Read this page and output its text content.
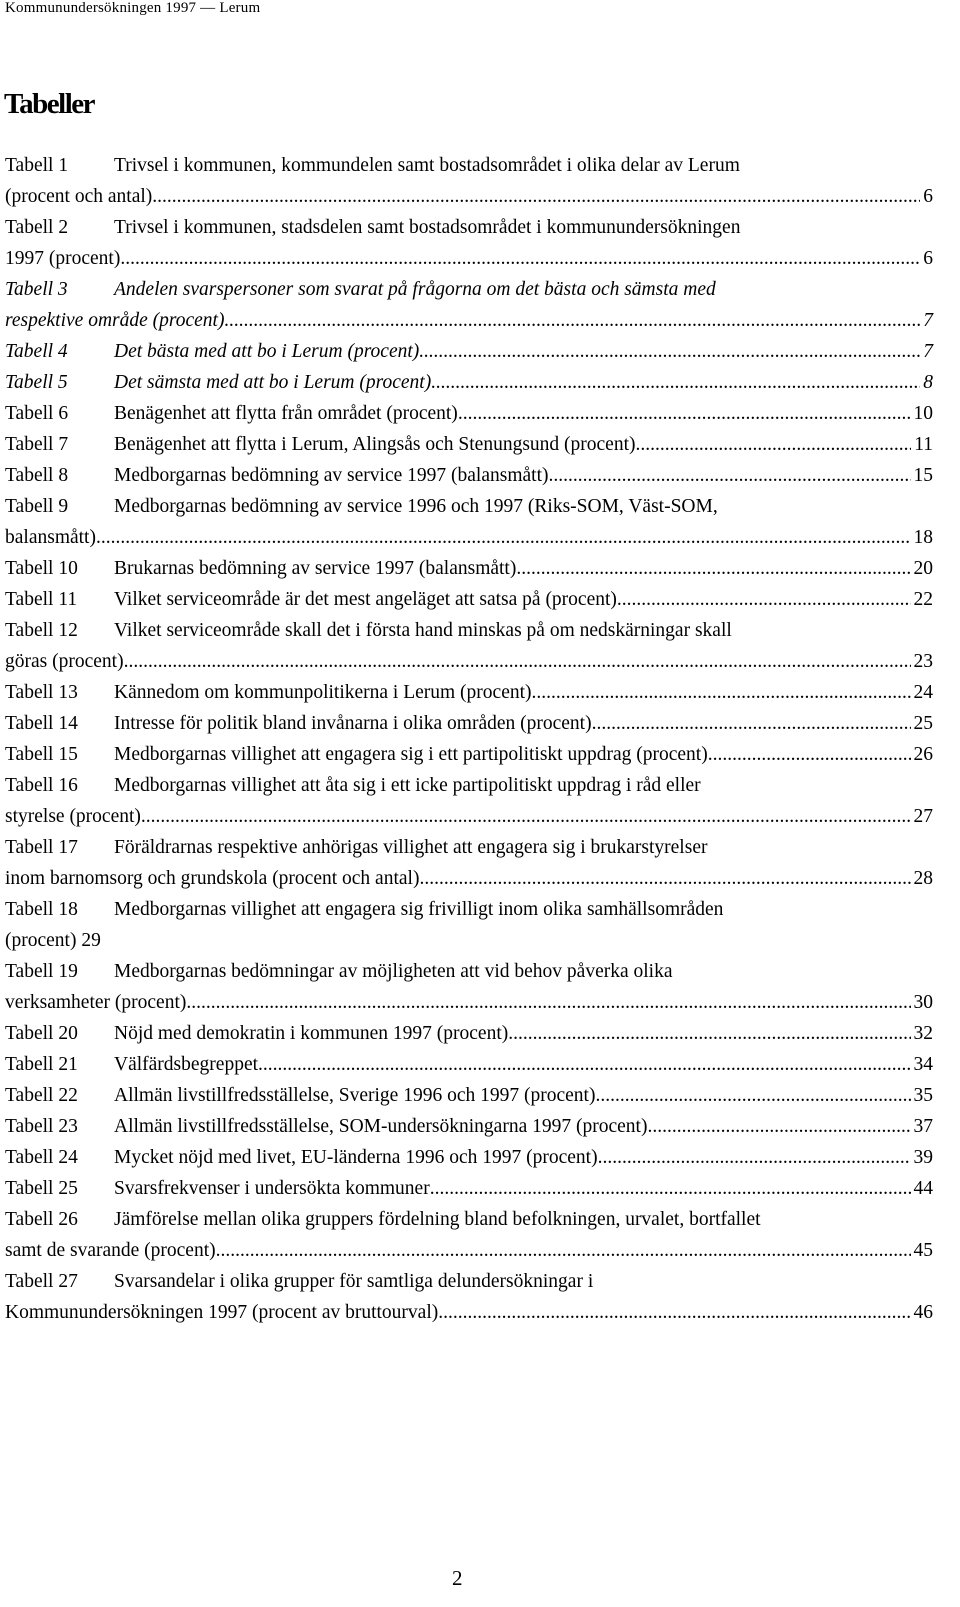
Kommunundersökningen 1997 — Lerum
Tabeller
Tabell 1 Trivsel i kommunen, kommundelen samt bostadsområdet i olika delar av Lerum
(procent och antal). .....	6
Tabell 2 Trivsel i kommunen, stadsdelen samt bostadsområdet i kommunundersökningen
1997 (procent). .....	6
Tabell 3 Andelen svarspersoner som svarat på frågorna om det bästa och sämsta med
respektive område (procent). .....	7
Tabell 4 Det bästa med att bo i Lerum (procent). .....	7
Tabell 5 Det sämsta med att bo i Lerum (procent) .....	8
Tabell 6 Benägenhet att flytta från området (procent) .....	10
Tabell 7 Benägenhet att flytta i Lerum, Alingsås och Stenungsund (procent) .....	11
Tabell 8 Medborgarnas bedömning av service 1997 (balansmått) .....	15
Tabell 9 Medborgarnas bedömning av service 1996 och 1997 (Riks-SOM, Väst-SOM,
balansmått) .....	18
Tabell 10 Brukarnas bedömning av service 1997 (balansmått) .....	20
Tabell 11 Vilket serviceområde är det mest angeläget att satsa på (procent) .....	22
Tabell 12 Vilket serviceområde skall det i första hand minskas på om nedskärningar skall
göras (procent) .....	23
Tabell 13 Kännedom om kommunpolitikerna i Lerum (procent) .....	24
Tabell 14 Intresse för politik bland invånarna i olika områden (procent) .....	25
Tabell 15 Medborgarnas villighet att engagera sig i ett partipolitiskt uppdrag (procent) .....	26
Tabell 16 Medborgarnas villighet att åta sig i ett icke partipolitiskt uppdrag i råd eller
styrelse (procent) .....	27
Tabell 17 Föräldrarnas respektive anhörigas villighet att engagera sig i brukarstyrelser
inom barnomsorg och grundskola (procent och antal) .....	28
Tabell 18 Medborgarnas villighet att engagera sig frivilligt inom olika samhällsområden
(procent) 29
Tabell 19 Medborgarnas bedömningar av möjligheten att vid behov påverka olika
verksamheter (procent) .....	30
Tabell 20 Nöjd med demokratin i kommunen 1997 (procent) .....	32
Tabell 21 Välfärdsbegreppet .....	34
Tabell 22 Allmän livstillfredsställelse, Sverige 1996 och 1997 (procent) .....	35
Tabell 23 Allmän livstillfredsställelse, SOM-undersökningarna 1997 (procent) .....	37
Tabell 24 Mycket nöjd med livet, EU-länderna 1996 och 1997 (procent) .....	39
Tabell 25 Svarsfrekvenser i undersökta kommuner .....	44
Tabell 26 Jämförelse mellan olika gruppers fördelning bland befolkningen, urvalet, bortfallet
samt de svarande (procent). .....	45
Tabell 27 Svarsandelar i olika grupper för samtliga delundersökningar i
Kommunundersökningen 1997 (procent av bruttourval) .....	46
2
